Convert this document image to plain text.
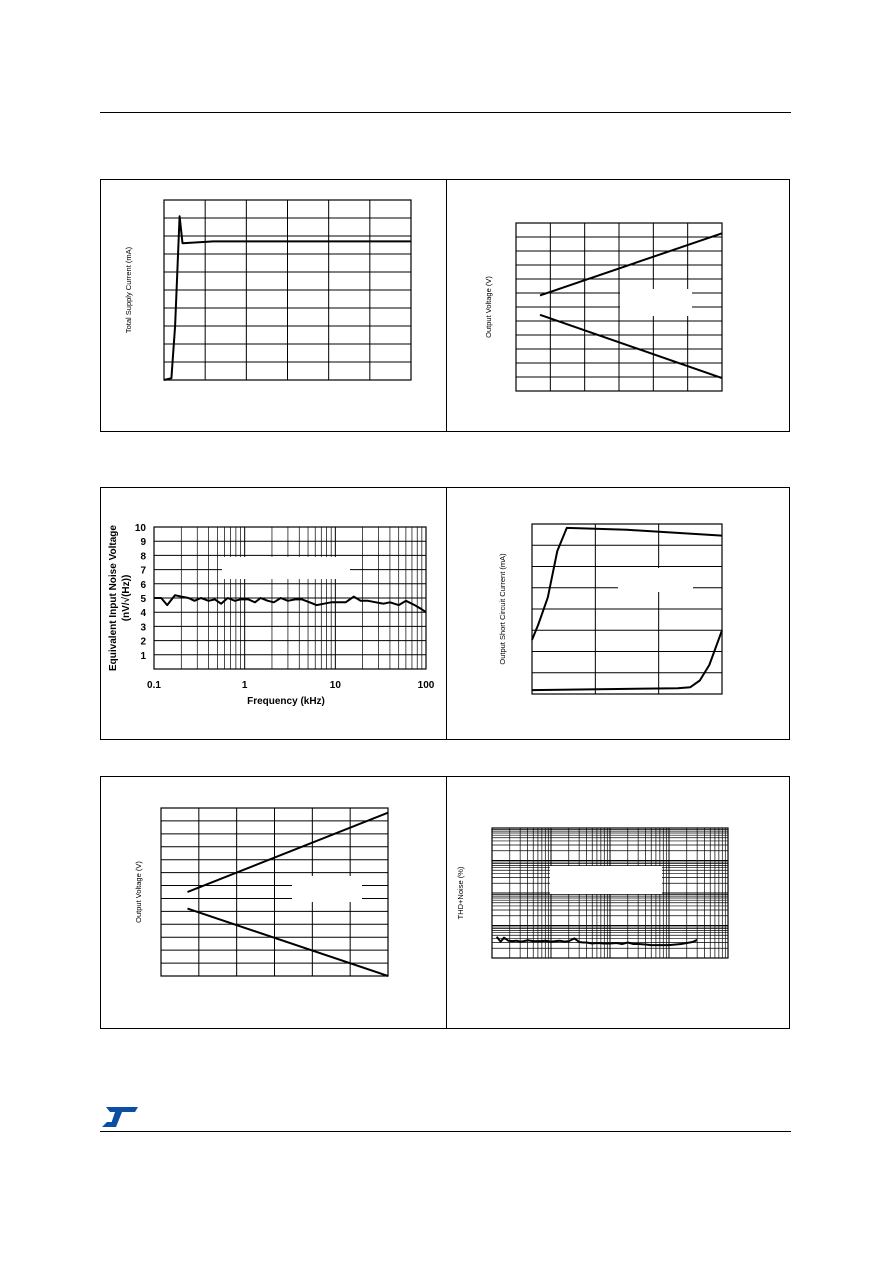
Total Supply Current (mA)	Output Voltage (V)
1
2
3
4
5
6
7
8
9
10
0.1	1	10	100
Frequency (kHz)
Equivalent Input Noise Voltage (nV/√(Hz))	Output Short Circuit Current (mA)
Output Voltage (V)	THD+Noise (%)
